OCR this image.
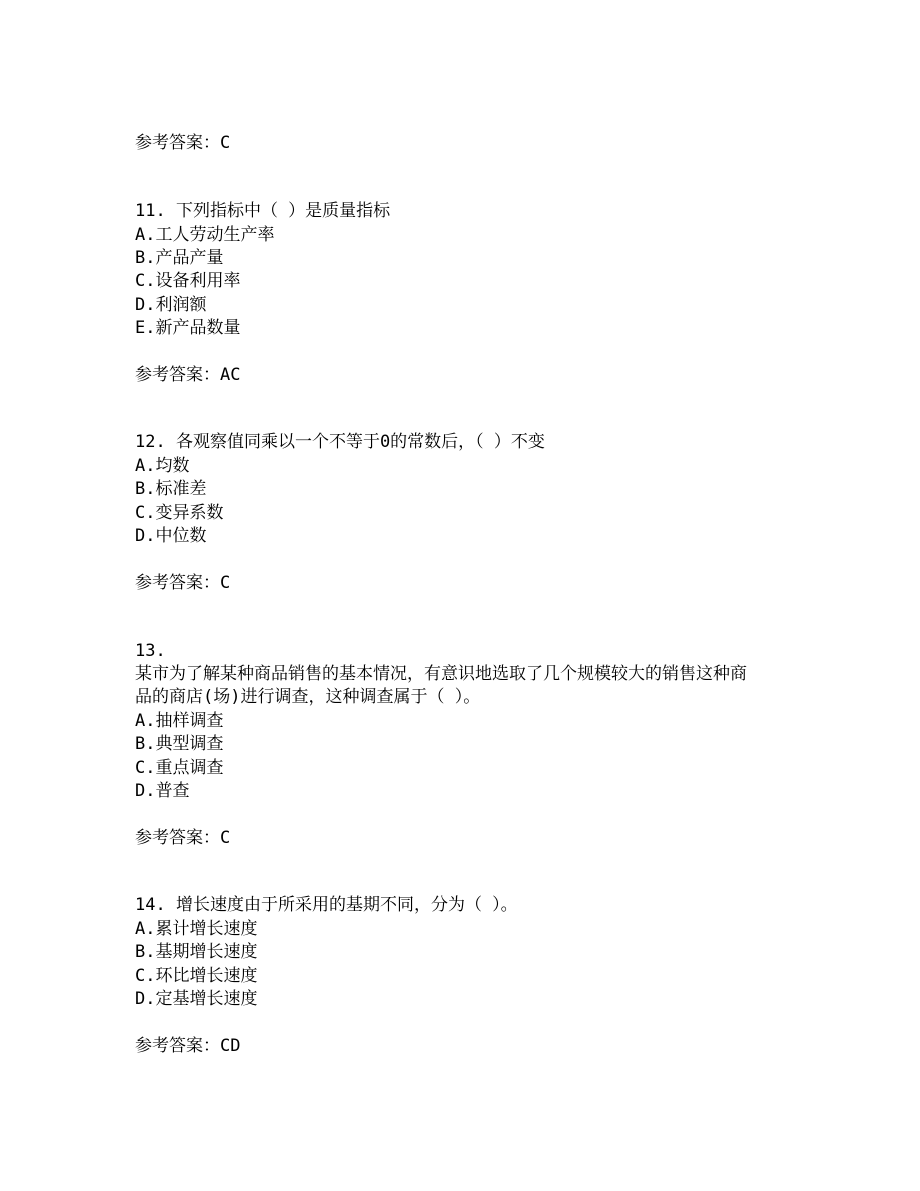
参考答案：C
11. 下列指标中（ ）是质量指标
A.工人劳动生产率
B.产品产量
C.设备利用率
D.利润额
E.新产品数量
参考答案：AC
12. 各观察值同乘以一个不等于0的常数后，（ ）不变
A.均数
B.标准差
C.变异系数
D.中位数
参考答案：C
13.
某市为了解某种商品销售的基本情况，有意识地选取了几个规模较大的销售这种商
品的商店(场)进行调查，这种调查属于（ ）。
A.抽样调查
B.典型调查
C.重点调查
D.普查
参考答案：C
14. 增长速度由于所采用的基期不同，分为（ ）。
A.累计增长速度
B.基期增长速度
C.环比增长速度
D.定基增长速度
参考答案：CD
